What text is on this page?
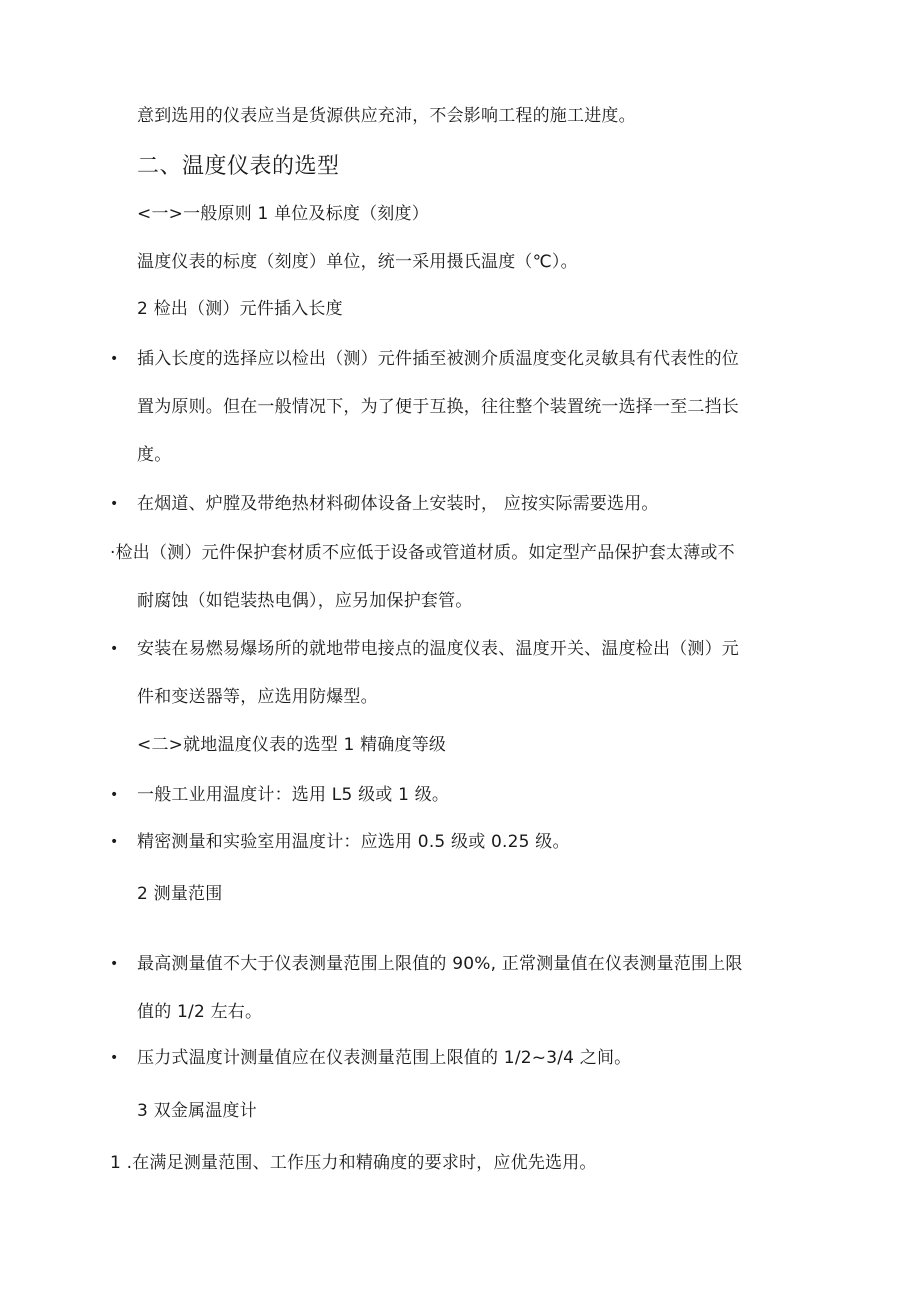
意到选用的仪表应当是货源供应充沛，不会影响工程的施工进度。
二、温度仪表的选型
<一>一般原则 1 单位及标度（刻度）
温度仪表的标度（刻度）单位，统一采用摄氏温度（℃）。
2 检出（测）元件插入长度
• 插入长度的选择应以检出（测）元件插至被测介质温度变化灵敏具有代表性的位
置为原则。但在一般情况下，为了便于互换，往往整个装置统一选择一至二挡长
度。
• 在烟道、炉膛及带绝热材料砌体设备上安装时， 应按实际需要选用。
·检出（测）元件保护套材质不应低于设备或管道材质。如定型产品保护套太薄或不
耐腐蚀（如铠装热电偶），应另加保护套管。
• 安装在易燃易爆场所的就地带电接点的温度仪表、温度开关、温度检出（测）元
件和变送器等，应选用防爆型。
<二>就地温度仪表的选型 1 精确度等级
• 一般工业用温度计：选用 L5 级或 1 级。
• 精密测量和实验室用温度计：应选用 0.5 级或 0.25 级。
2 测量范围
• 最高测量值不大于仪表测量范围上限值的 90%, 正常测量值在仪表测量范围上限
值的 1/2 左右。
• 压力式温度计测量值应在仪表测量范围上限值的 1/2~3/4 之间。
3 双金属温度计
1 .在满足测量范围、工作压力和精确度的要求时，应优先选用。
